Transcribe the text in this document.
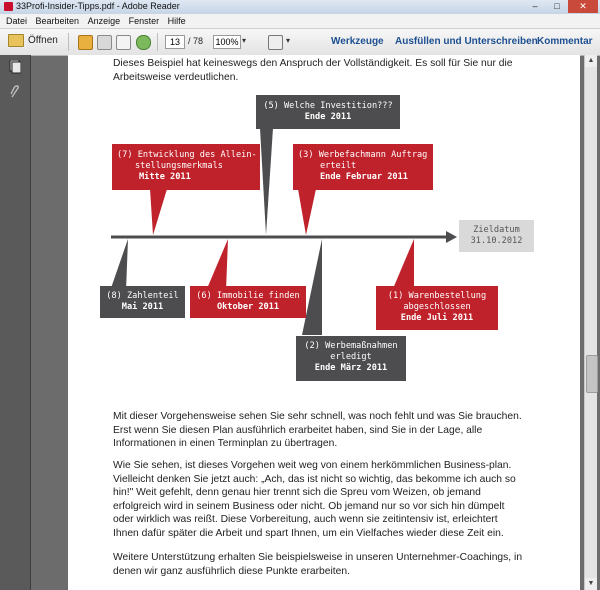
33Profi-Insider-Tipps.pdf - Adobe Reader	–	□	✕
Datei Bearbeiten Anzeige Fenster Hilfe
Öffnen	13 / 78 100% ▾	▾	Werkzeuge Ausfüllen und Unterschreiben Kommentar
Dieses Beispiel hat keineswegs den Anspruch der Vollständigkeit. Es soll für Sie nur die Arbeitsweise verdeutlichen.
Zieldatum
31.10.2012
(5) Welche Investition???
Ende 2011
(7) Entwicklung des Allein-
stellungsmerkmals
Mitte 2011
(3) Werbefachmann Auftrag
erteilt
Ende Februar 2011
(8) Zahlenteil
Mai 2011
(6) Immobilie finden
Oktober 2011
(1) Warenbestellung
abgeschlossen
Ende Juli 2011
(2) Werbemaßnahmen
erledigt
Ende März 2011
Mit dieser Vorgehensweise sehen Sie sehr schnell, was noch fehlt und was Sie brauchen. Erst wenn Sie diesen Plan ausführlich erarbeitet haben, sind Sie in der Lage, alle Informationen in einen Terminplan zu übertragen.
Wie Sie sehen, ist dieses Vorgehen weit weg von einem herkömmlichen Business-plan. Vielleicht denken Sie jetzt auch: „Ach, das ist nicht so wichtig, das bekomme ich auch so hin!" Weit gefehlt, denn genau hier trennt sich die Spreu vom Weizen, ob jemand erfolgreich wird in seinem Business oder nicht. Ob jemand nur so vor sich hin dümpelt oder wirklich was reißt. Diese Vorbereitung, auch wenn sie zeitintensiv ist, erleichtert Ihnen dafür später die Arbeit und spart Ihnen, um ein Vielfaches wieder diese Zeit ein.
Weitere Unterstützung erhalten Sie beispielsweise in unseren Unternehmer-Coachings, in denen wir ganz ausführlich diese Punkte erarbeiten.
▲
▼
